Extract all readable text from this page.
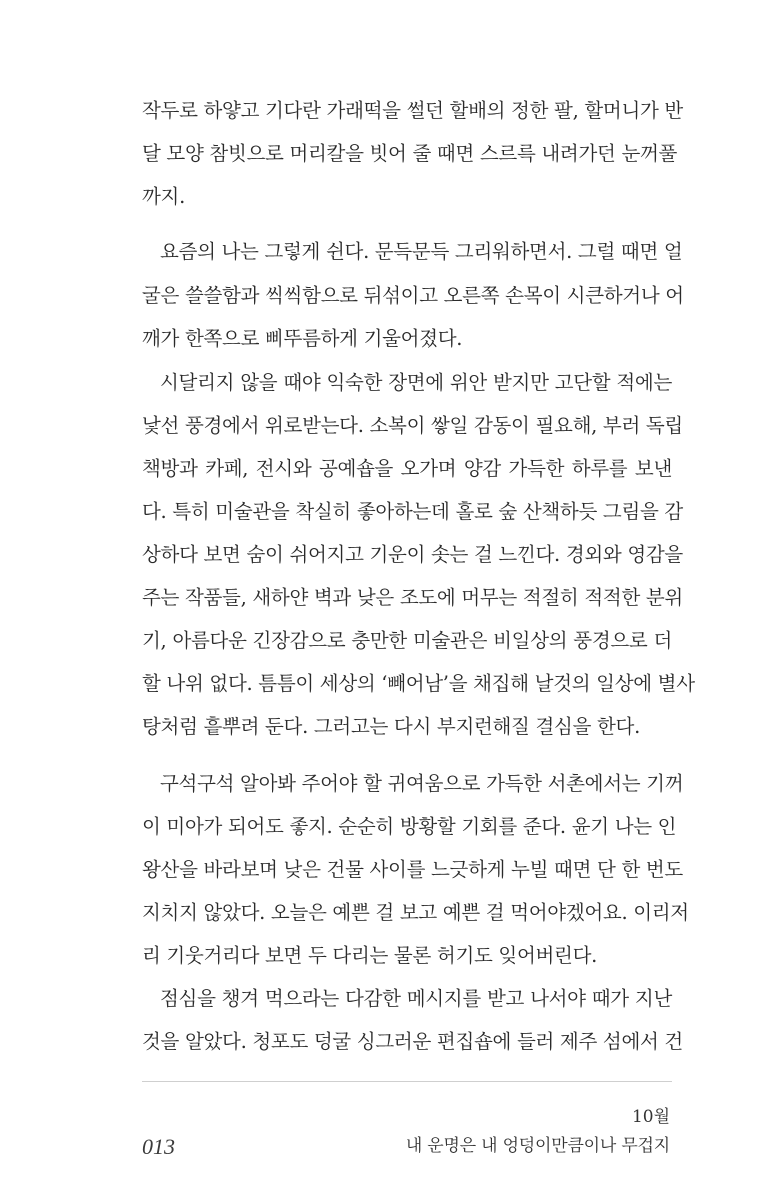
작두로 하얗고 기다란 가래떡을 썰던 할배의 정한 팔, 할머니가 반
달 모양 참빗으로 머리칼을 빗어 줄 때면 스르륵 내려가던 눈꺼풀
까지.
요즘의 나는 그렇게 쉰다. 문득문득 그리워하면서. 그럴 때면 얼
굴은 쓸쓸함과 씩씩함으로 뒤섞이고 오른쪽 손목이 시큰하거나 어
깨가 한쪽으로 삐뚜름하게 기울어졌다.
시달리지 않을 때야 익숙한 장면에 위안 받지만 고단할 적에는
낯선 풍경에서 위로받는다. 소복이 쌓일 감동이 필요해, 부러 독립
책방과 카페, 전시와 공예숍을 오가며 양감 가득한 하루를 보낸
다. 특히 미술관을 착실히 좋아하는데 홀로 숲 산책하듯 그림을 감
상하다 보면 숨이 쉬어지고 기운이 솟는 걸 느낀다. 경외와 영감을
주는 작품들, 새하얀 벽과 낮은 조도에 머무는 적절히 적적한 분위
기, 아름다운 긴장감으로 충만한 미술관은 비일상의 풍경으로 더
할 나위 없다. 틈틈이 세상의 ‘빼어남’을 채집해 날것의 일상에 별사
탕처럼 흩뿌려 둔다. 그러고는 다시 부지런해질 결심을 한다.
구석구석 알아봐 주어야 할 귀여움으로 가득한 서촌에서는 기꺼
이 미아가 되어도 좋지. 순순히 방황할 기회를 준다. 윤기 나는 인
왕산을 바라보며 낮은 건물 사이를 느긋하게 누빌 때면 단 한 번도
지치지 않았다. 오늘은 예쁜 걸 보고 예쁜 걸 먹어야겠어요. 이리저
리 기웃거리다 보면 두 다리는 물론 허기도 잊어버린다.
013
10월
내 운명은 내 엉덩이만큼이나 무겁지
점심을 챙겨 먹으라는 다감한 메시지를 받고 나서야 때가 지난
것을 알았다. 청포도 덩굴 싱그러운 편집숍에 들러 제주 섬에서 건
